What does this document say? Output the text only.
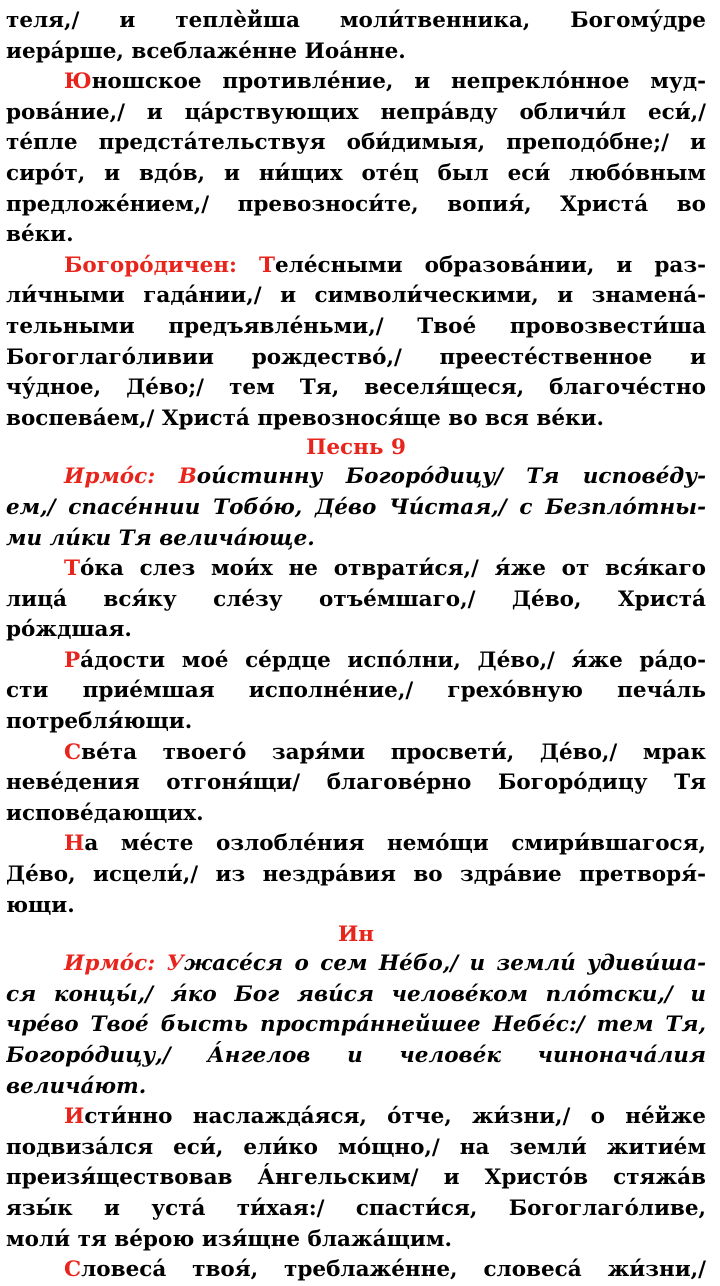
теля,/ и теплѐйша моли́твенника, Богому́дре
иера́рше, всеблаже́нне Иоа́нне.
Юношское противле́ние, и непреклóнное муд-
рова́ние,/ и ца́рствующих непра́вду обличи́л еси́,/
тéпле предста́тельствуя оби́димыя, преподóбне;/ и
сирóт, и вдóв, и ни́щих отéц был еси́ любóвным
предложе́нием,/ превозноси́те, вопия́, Христа́ во
ве́ки.
Богорóдичен: Теле́сными образова́нии, и раз-
ли́чными гада́нии,/ и символи́ческими, и знамена́-
тельными предъявле́ньми,/ Твое́ провозвести́ша
Богоглагóливии рождествó,/ преесте́ственное и
чу́дное, Дéво;/ тем Тя, веселя́щеся, благочéстно
воспева́ем,/ Христа́ превознося́ще во вся ве́ки.
Песнь 9
Ирмóс: Вои́стинну Богорóдицу/ Тя испове́ду-
ем,/ спасе́ннии Тобóю, Дéво Чи́стая,/ с Безплóтны-
ми ли́ки Тя велича́юще.
Тóка слез мои́х не отврати́ся,/ я́же от вся́каго
лица́ вся́ку слéзу отъе́мшаго,/ Дéво, Христа́
рóждшая.
Ра́дости моé сéрдце испóлни, Дéво,/ я́же ра́до-
сти прие́мшая исполне́ние,/ грехóвную печа́ль
потребля́ющи.
Свéта твоегó заря́ми просвети́, Дéво,/ мрак
неве́дения отгоня́щи/ благове́рно Богорóдицу Тя
испове́дающих.
На ме́сте озлобле́ния немóщи смири́вшагося,
Дéво, исцели́,/ из нездра́вия во здра́вие претворя́-
ющи.
Ин
Ирмóс: Ужасе́ся о сем Нéбо,/ и земли́ удиви́ша-
ся концы́,/ я́ко Бог яви́ся челове́ком плóтски,/ и
чре́во Твое́ бысть простра́ннейшее Небе́с:/ тем Тя,
Богорóдицу,/ А́нгелов и челове́к чинонача́лия
велича́ют.
Исти́нно наслажда́яся, óтче, жи́зни,/ о не́йже
подвиза́лся еси́, ели́ко мóщно,/ на земли́ житие́м
преизя́ществовав А́нгельским/ и Христóв стяжа́в
язы́к и уста́ ти́хая:/ спасти́ся, Богоглагóливе,
моли́ тя ве́рою изя́щне блажа́щим.
Словеса́ твоя́, треблаже́нне, словеса́ жи́зни,/
